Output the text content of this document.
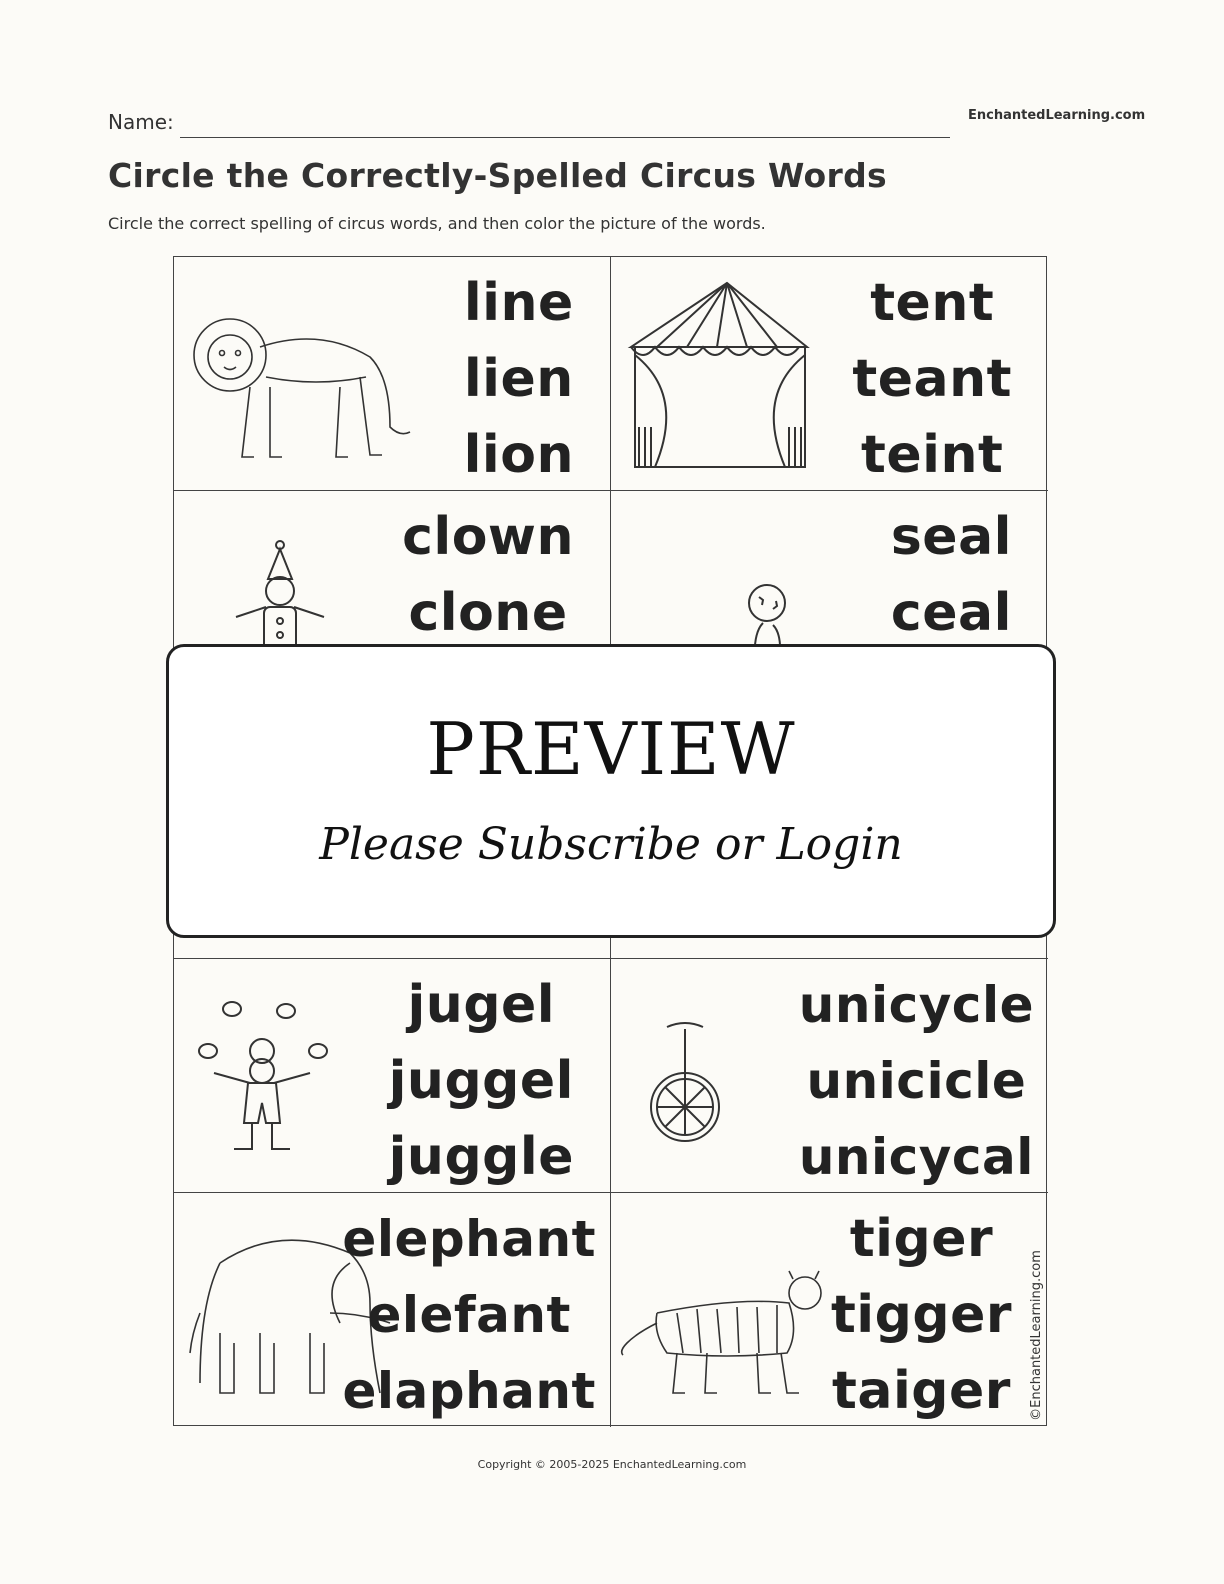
Name:	EnchantedLearning.com
Circle the Correctly-Spelled Circus Words
Circle the correct spelling of circus words, and then color the picture of the words.
line
lien
lion
tent
teant
teint
clown
clone
seal
ceal
jugel
juggel
juggle
unicycle
unicicle
unicycal
elephant
elefant
elaphant
tiger
tigger
taiger ©EnchantedLearning.com
PREVIEW
Please Subscribe or Login
Copyright © 2005-2025 EnchantedLearning.com
